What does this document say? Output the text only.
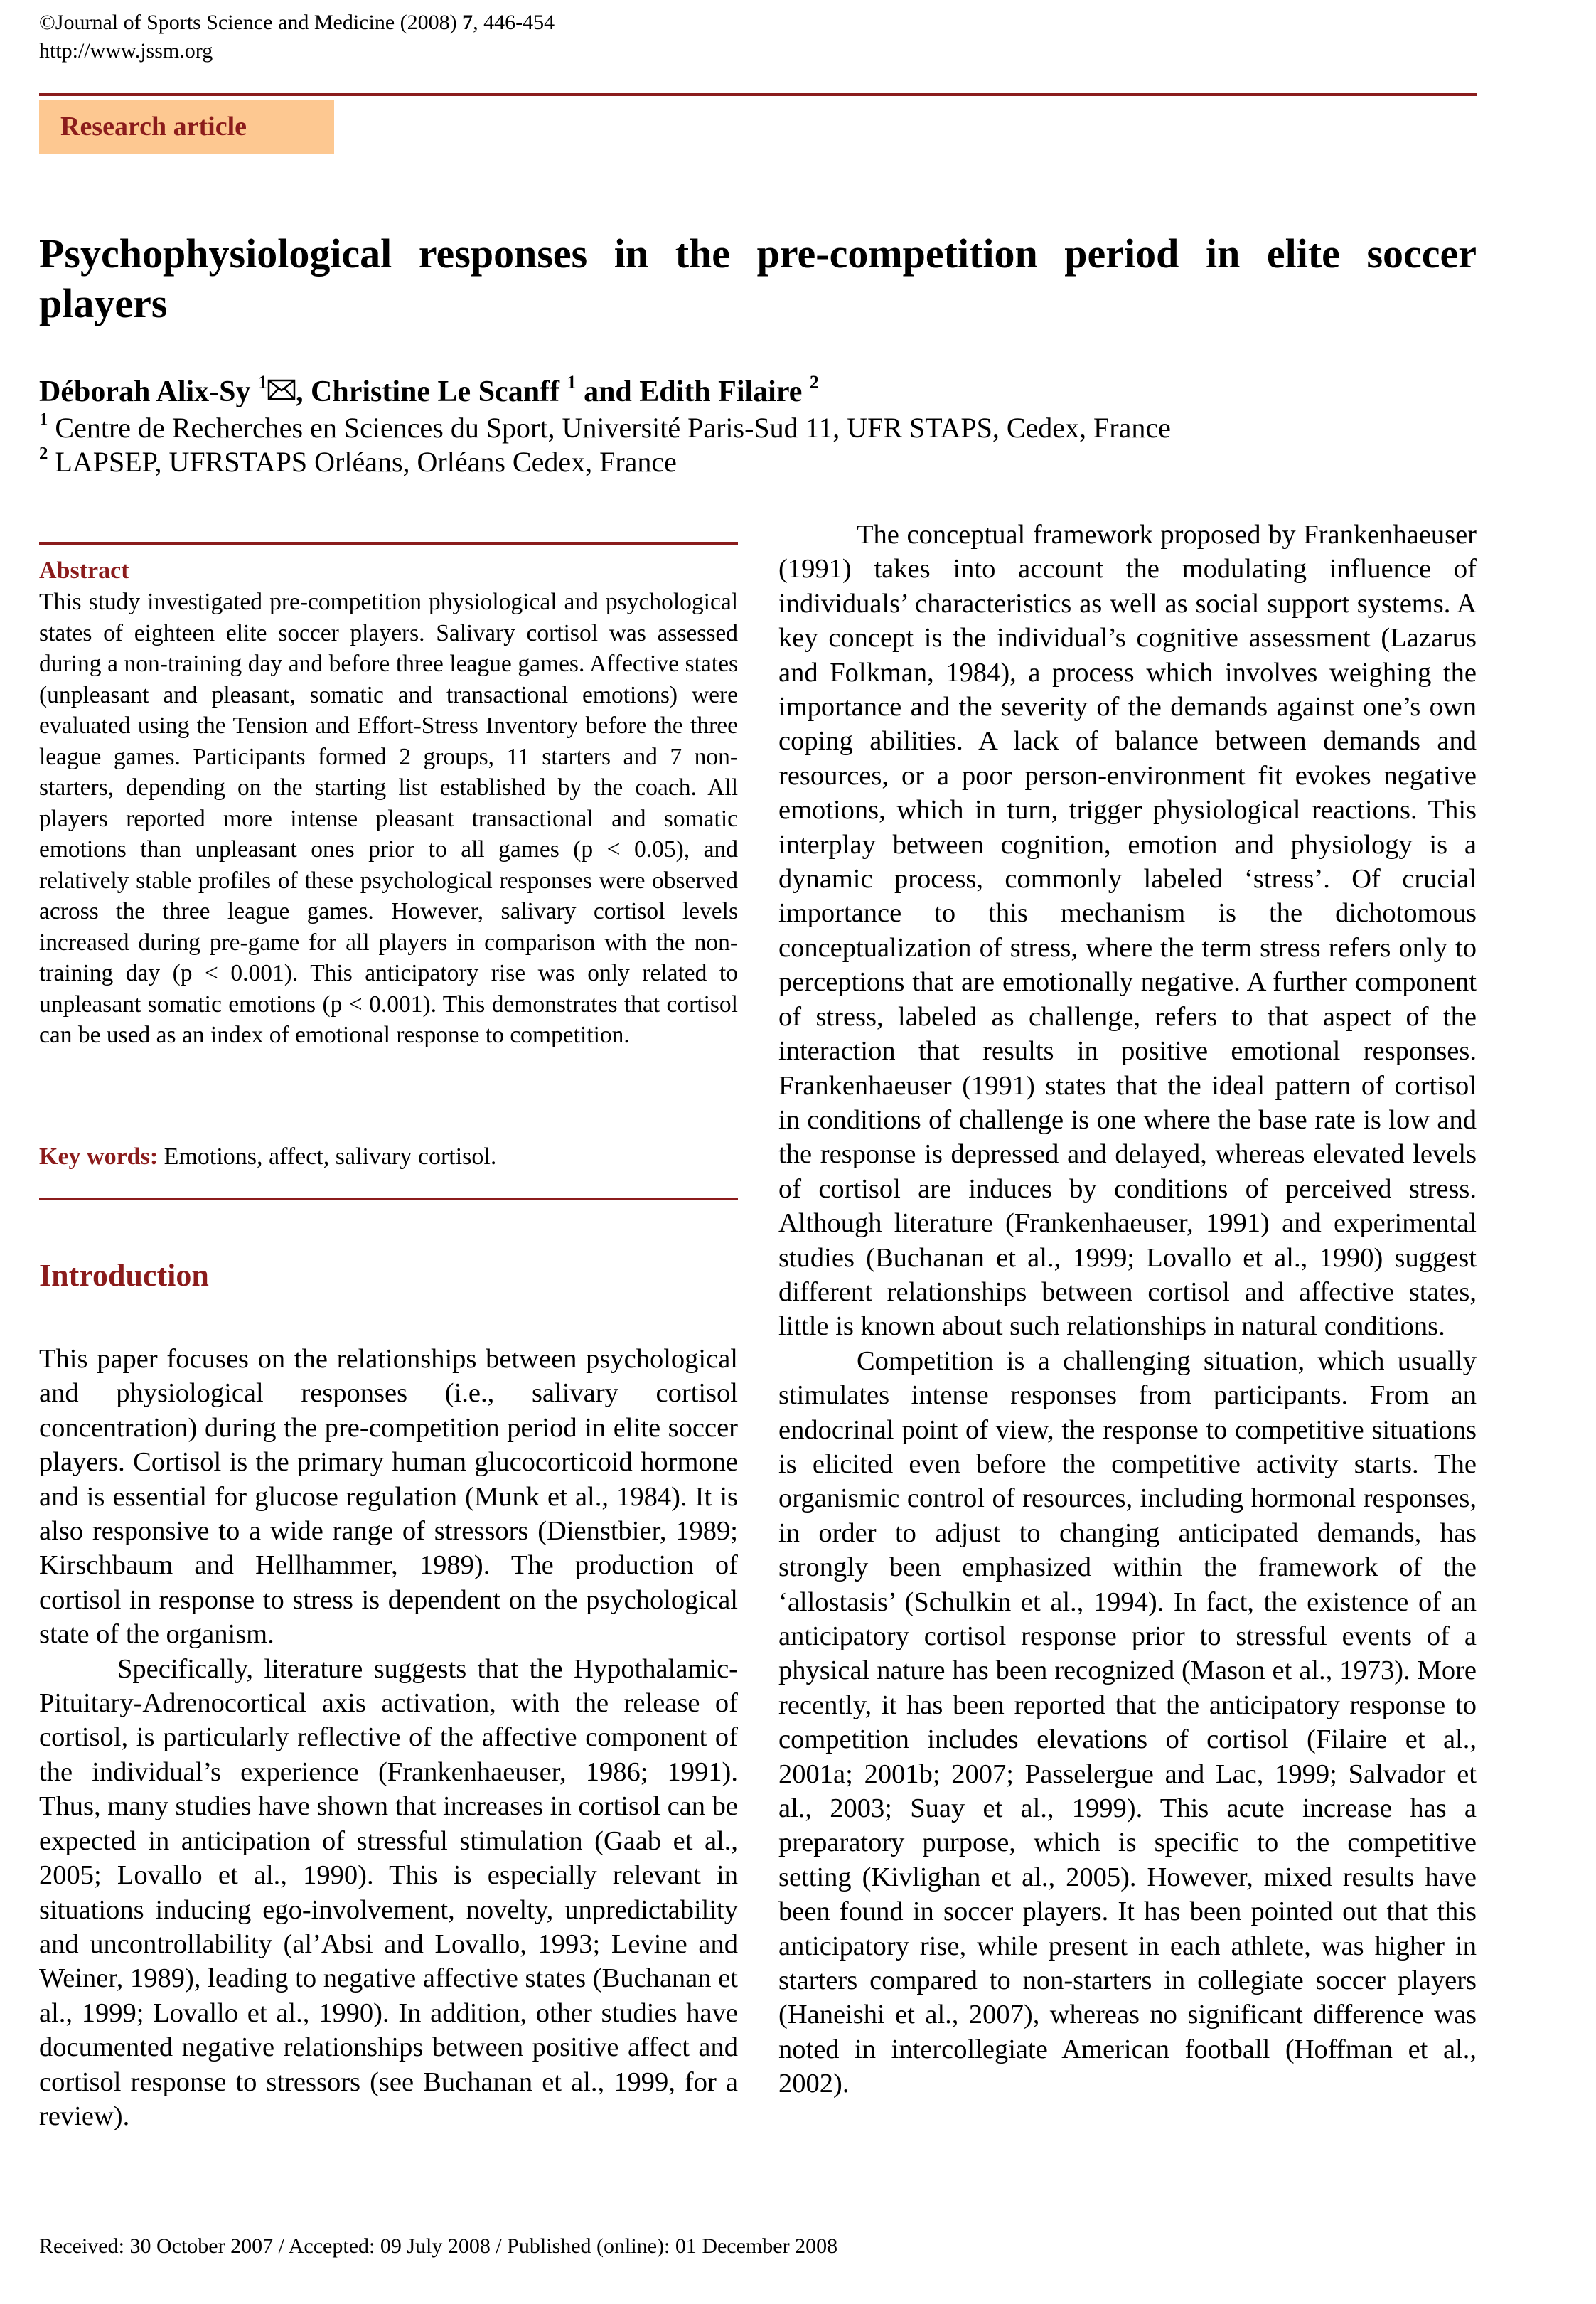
©Journal of Sports Science and Medicine (2008) 7, 446-454
http://www.jssm.org
Research article
Psychophysiological responses in the pre-competition period in elite soccer players
Déborah Alix-Sy $^1$ , Christine Le Scanff $^1$ and Edith Filaire $^2$
$^1$ Centre de Recherches en Sciences du Sport, Université Paris-Sud 11, UFR STAPS, Cedex, France
$^2$ LAPSEP, UFRSTAPS Orléans, Orléans Cedex, France
Abstract
This study investigated pre-competition physiological and psychological states of eighteen elite soccer players. Salivary cortisol was assessed during a non-training day and before three league games. Affective states (unpleasant and pleasant, somatic and transactional emotions) were evaluated using the Tension and Effort-Stress Inventory before the three league games. Participants formed 2 groups, 11 starters and 7 non-starters, depending on the starting list established by the coach. All players reported more intense pleasant transactional and somatic emotions than unpleasant ones prior to all games (p < 0.05), and relatively stable profiles of these psychological responses were observed across the three league games. However, salivary cortisol levels increased during pre-game for all players in comparison with the non-training day (p < 0.001). This anticipatory rise was only related to unpleasant somatic emotions (p < 0.001). This demonstrates that cortisol can be used as an index of emotional response to competition.
Key words: Emotions, affect, salivary cortisol.
Introduction

This paper focuses on the relationships between psychological and physiological responses (i.e., salivary cortisol concentration) during the pre-competition period in elite soccer players. Cortisol is the primary human glucocorticoid hormone and is essential for glucose regulation (Munk et al., 1984). It is also responsive to a wide range of stressors (Dienstbier, 1989; Kirschbaum and Hellhammer, 1989). The production of cortisol in response to stress is dependent on the psychological state of the organism.

Specifically, literature suggests that the Hypothalamic-Pituitary-Adrenocortical axis activation, with the release of cortisol, is particularly reflective of the affective component of the individual’s experience (Frankenhaeuser, 1986; 1991). Thus, many studies have shown that increases in cortisol can be expected in anticipation of stressful stimulation (Gaab et al., 2005; Lovallo et al., 1990). This is especially relevant in situations inducing ego-involvement, novelty, unpredictability and uncontrollability (al’Absi and Lovallo, 1993; Levine and Weiner, 1989), leading to negative affective states (Buchanan et al., 1999; Lovallo et al., 1990). In addition, other studies have documented negative relationships between positive affect and cortisol response to stressors (see Buchanan et al., 1999, for a review).

The conceptual framework proposed by Frankenhaeuser (1991) takes into account the modulating influence of individuals’ characteristics as well as social support systems. A key concept is the individual’s cognitive assessment (Lazarus and Folkman, 1984), a process which involves weighing the importance and the severity of the demands against one’s own coping abilities. A lack of balance between demands and resources, or a poor person-environment fit evokes negative emotions, which in turn, trigger physiological reactions. This interplay between cognition, emotion and physiology is a dynamic process, commonly labeled ‘stress’. Of crucial importance to this mechanism is the dichotomous conceptualization of stress, where the term stress refers only to perceptions that are emotionally negative. A further component of stress, labeled as challenge, refers to that aspect of the interaction that results in positive emotional responses. Frankenhaeuser (1991) states that the ideal pattern of cortisol in conditions of challenge is one where the base rate is low and the response is depressed and delayed, whereas elevated levels of cortisol are induces by conditions of perceived stress. Although literature (Frankenhaeuser, 1991) and experimental studies (Buchanan et al., 1999; Lovallo et al., 1990) suggest different relationships between cortisol and affective states, little is known about such relationships in natural conditions.

Competition is a challenging situation, which usually stimulates intense responses from participants. From an endocrinal point of view, the response to competitive situations is elicited even before the competitive activity starts. The organismic control of resources, including hormonal responses, in order to adjust to changing anticipated demands, has strongly been emphasized within the framework of the ‘allostasis’ (Schulkin et al., 1994). In fact, the existence of an anticipatory cortisol response prior to stressful events of a physical nature has been recognized (Mason et al., 1973). More recently, it has been reported that the anticipatory response to competition includes elevations of cortisol (Filaire et al., 2001a; 2001b; 2007; Passelergue and Lac, 1999; Salvador et al., 2003; Suay et al., 1999). This acute increase has a preparatory purpose, which is specific to the competitive setting (Kivlighan et al., 2005). However, mixed results have been found in soccer players. It has been pointed out that this anticipatory rise, while present in each athlete, was higher in starters compared to non-starters in collegiate soccer players (Haneishi et al., 2007), whereas no significant difference was noted in intercollegiate American football (Hoffman et al., 2002).

Received: 30 October 2007 / Accepted: 09 July 2008 / Published (online): 01 December 2008
